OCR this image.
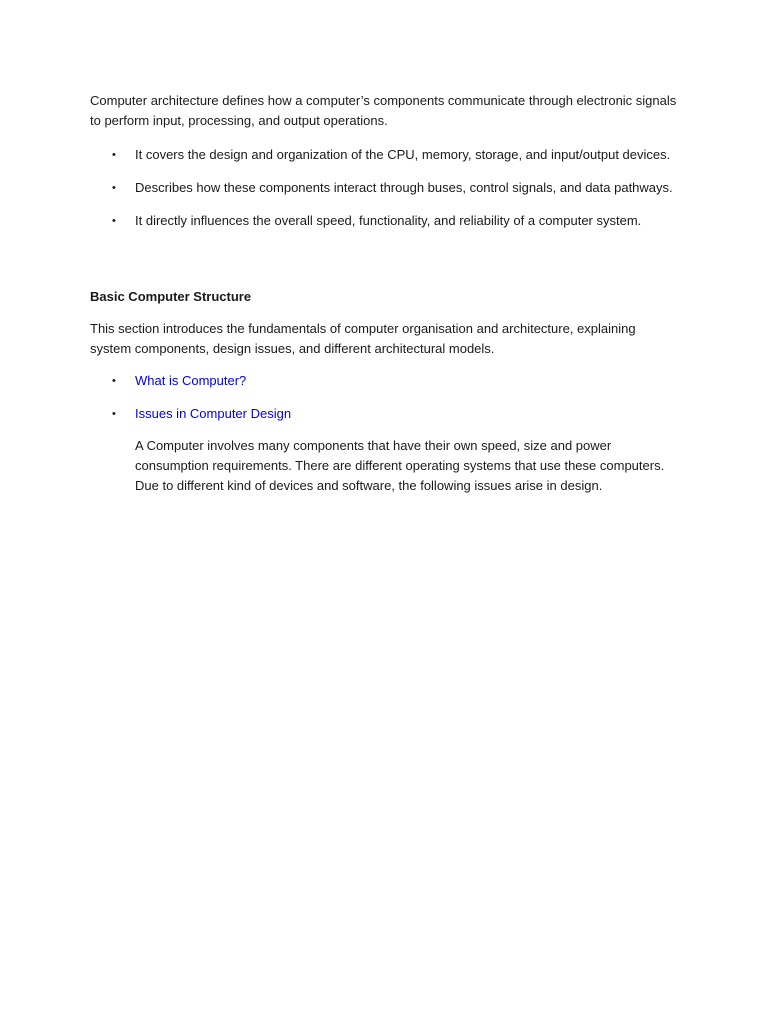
Computer architecture defines how a computer’s components communicate through electronic signals to perform input, processing, and output operations.

• It covers the design and organization of the CPU, memory, storage, and input/output devices.
• Describes how these components interact through buses, control signals, and data pathways.
• It directly influences the overall speed, functionality, and reliability of a computer system.

Basic Computer Structure

This section introduces the fundamentals of computer organisation and architecture, explaining system components, design issues, and different architectural models.

• What is Computer?
• Issues in Computer Design

A Computer involves many components that have their own speed, size and power consumption requirements. There are different operating systems that use these computers. Due to different kind of devices and software, the following issues arise in design.
